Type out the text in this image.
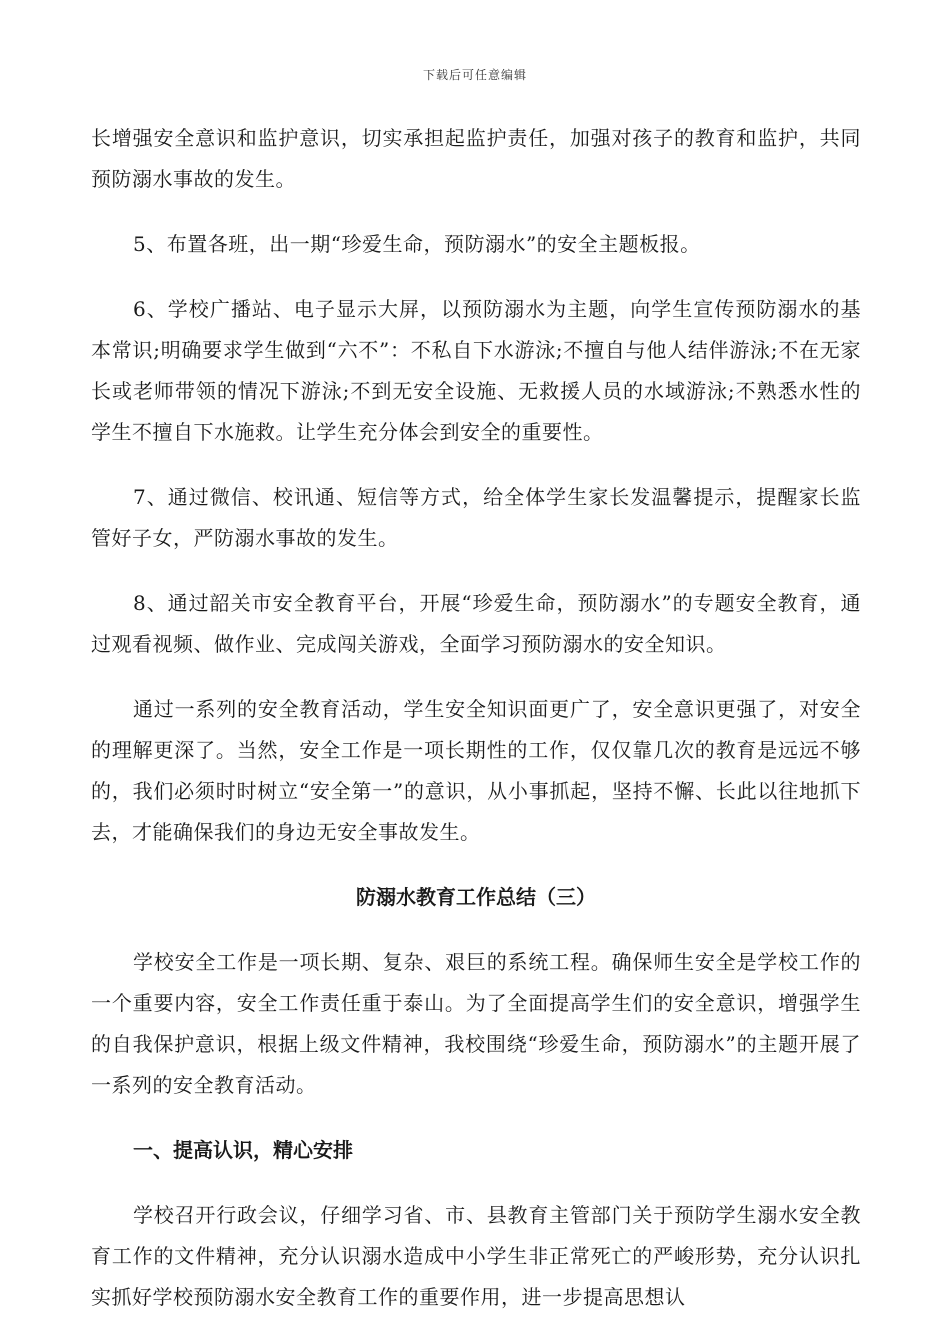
下载后可任意编辑

长增强安全意识和监护意识，切实承担起监护责任，加强对孩子的教育和监护，共同预防溺水事故的发生。

5、布置各班，出一期“珍爱生命，预防溺水”的安全主题板报。

6、学校广播站、电子显示大屏，以预防溺水为主题，向学生宣传预防溺水的基本常识;明确要求学生做到“六不”：不私自下水游泳;不擅自与他人结伴游泳;不在无家长或老师带领的情况下游泳;不到无安全设施、无救援人员的水域游泳;不熟悉水性的学生不擅自下水施救。让学生充分体会到安全的重要性。

7、通过微信、校讯通、短信等方式，给全体学生家长发温馨提示，提醒家长监管好子女，严防溺水事故的发生。

8、通过韶关市安全教育平台，开展“珍爱生命，预防溺水”的专题安全教育，通过观看视频、做作业、完成闯关游戏，全面学习预防溺水的安全知识。

通过一系列的安全教育活动，学生安全知识面更广了，安全意识更强了，对安全的理解更深了。当然，安全工作是一项长期性的工作，仅仅靠几次的教育是远远不够的，我们必须时时树立“安全第一”的意识，从小事抓起，坚持不懈、长此以往地抓下去，才能确保我们的身边无安全事故发生。

防溺水教育工作总结（三）

学校安全工作是一项长期、复杂、艰巨的系统工程。确保师生安全是学校工作的一个重要内容，安全工作责任重于泰山。为了全面提高学生们的安全意识，增强学生的自我保护意识，根据上级文件精神，我校围绕“珍爱生命，预防溺水”的主题开展了一系列的安全教育活动。

一、提高认识，精心安排

学校召开行政会议，仔细学习省、市、县教育主管部门关于预防学生溺水安全教育工作的文件精神，充分认识溺水造成中小学生非正常死亡的严峻形势，充分认识扎实抓好学校预防溺水安全教育工作的重要作用，进一步提高思想认
